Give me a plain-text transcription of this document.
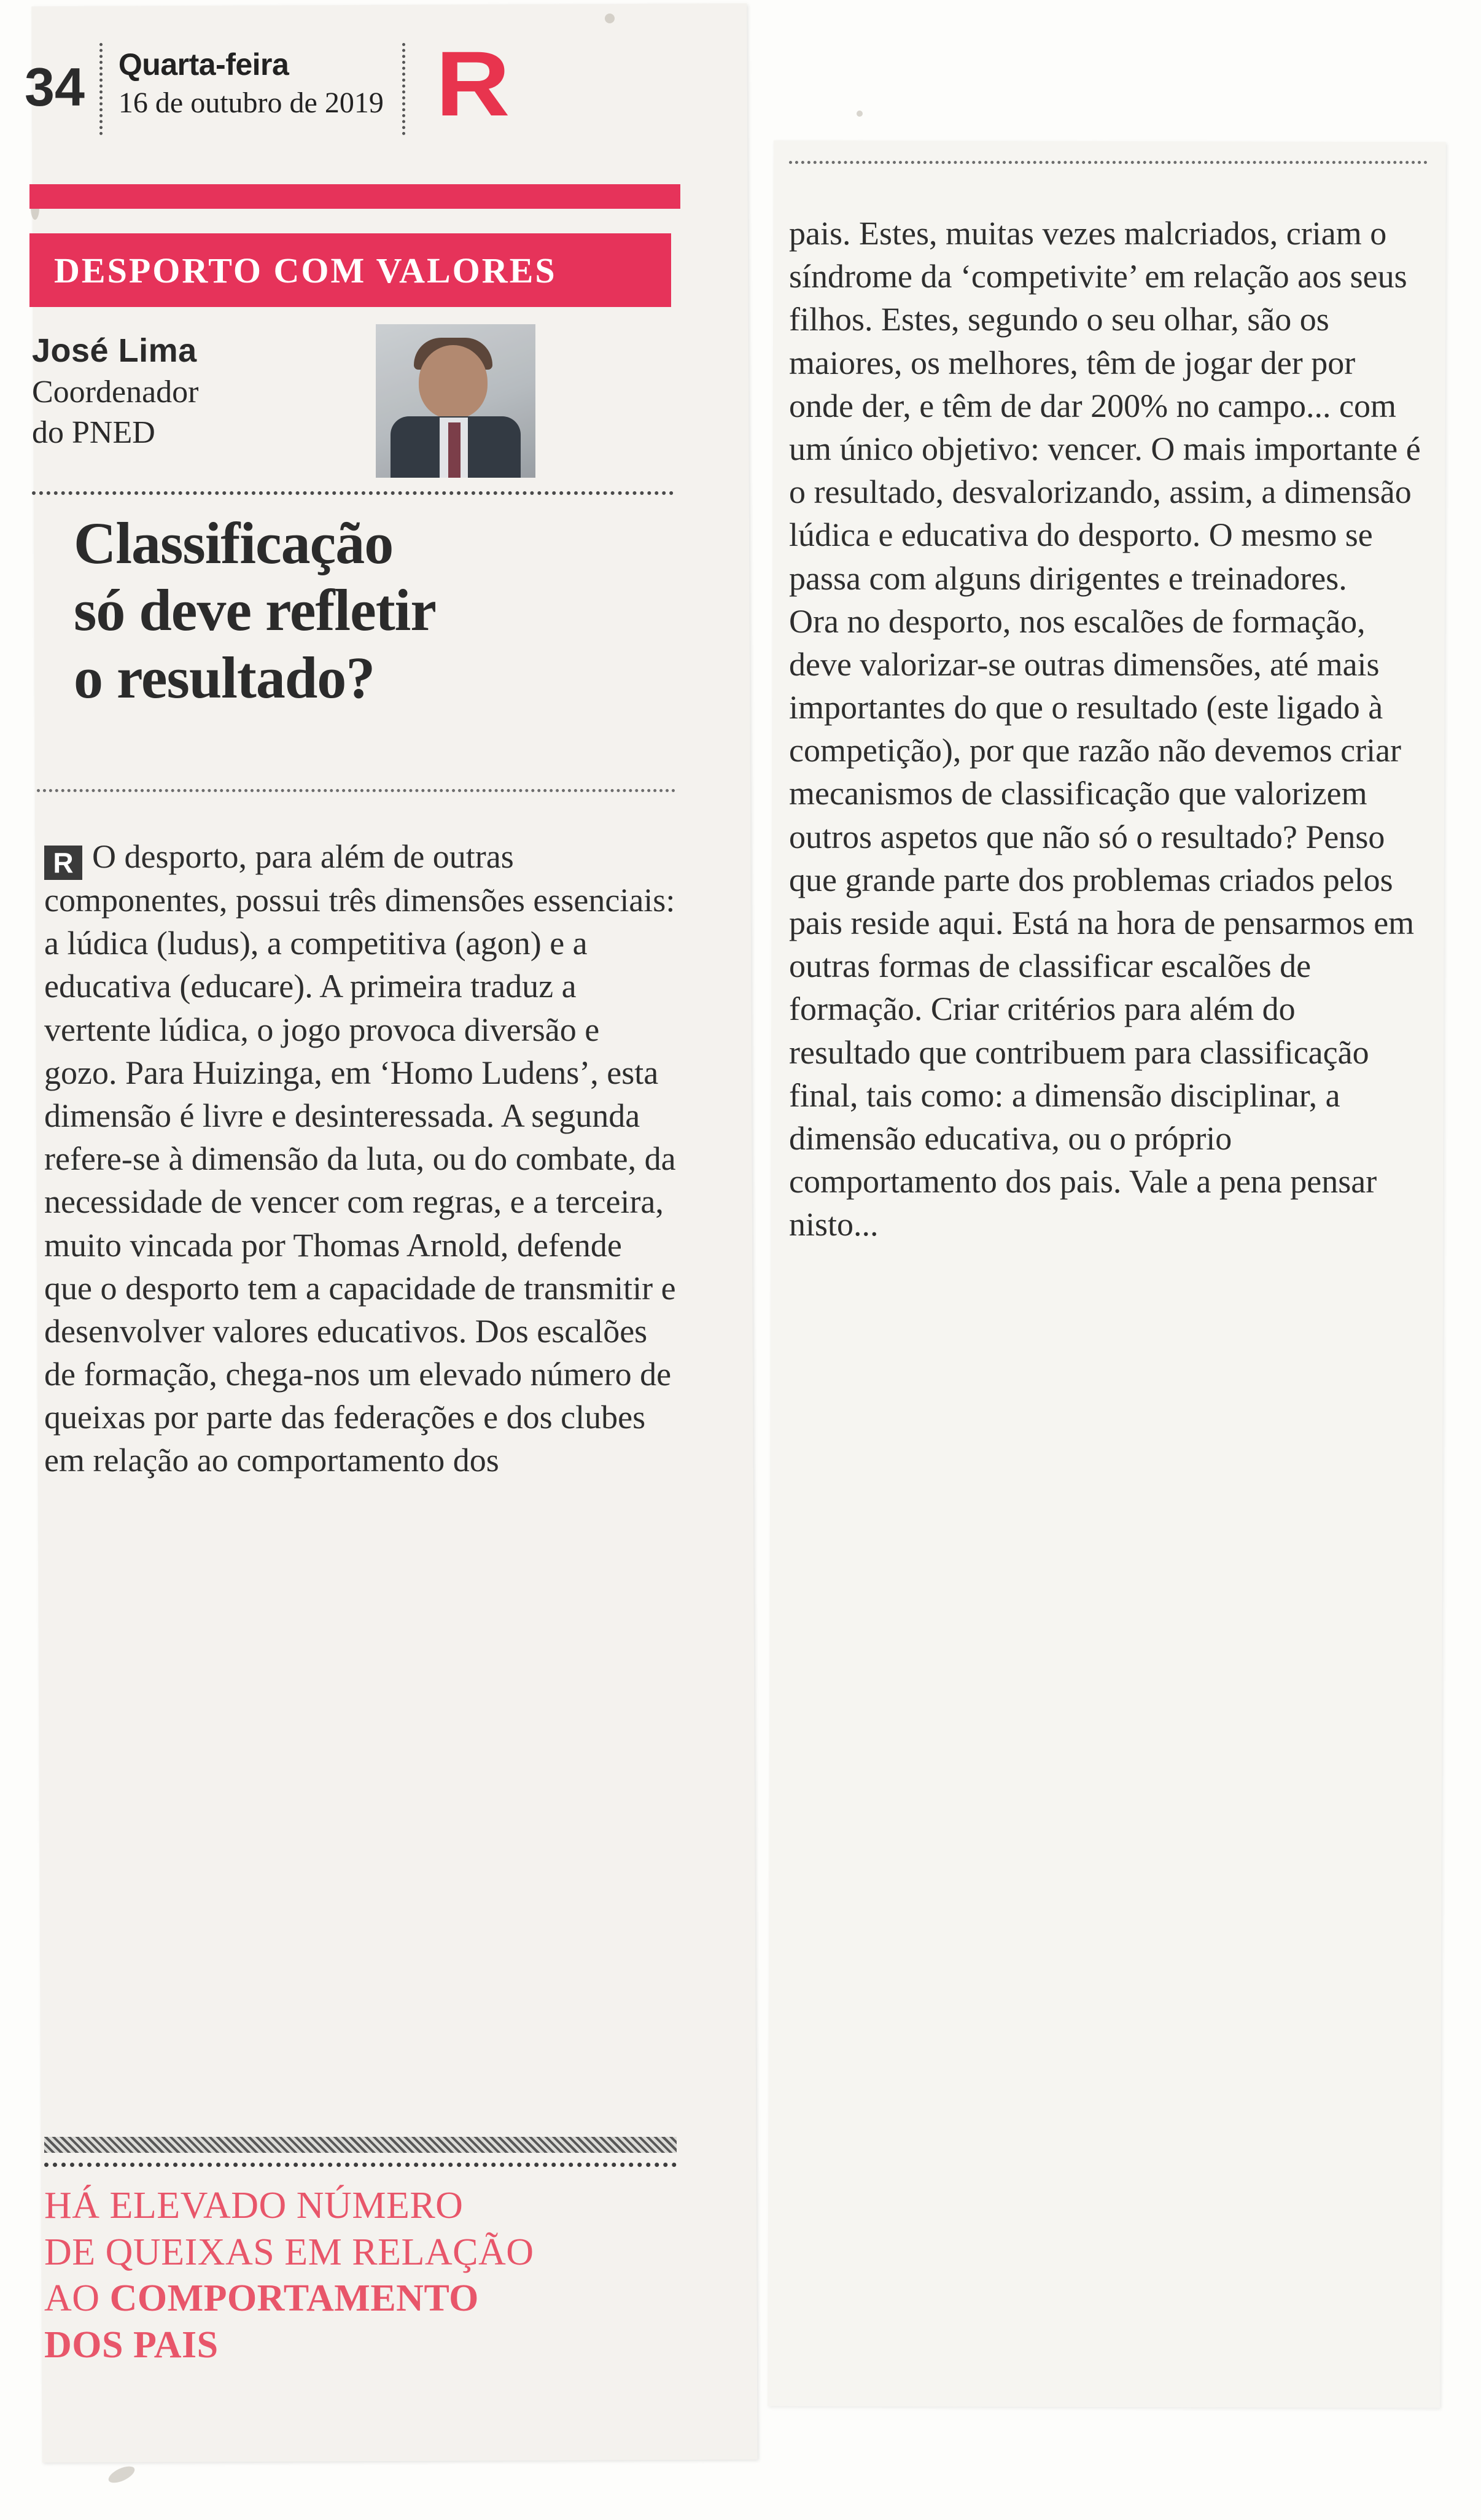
34	Quarta-feira
16 de outubro de 2019 R
DESPORTO COM VALORES
José Lima
Coordenador
do PNED
Classificação
só deve refletir
o resultado?

R O desporto, para além de outras componentes, possui três dimensões essenciais: a lúdica (ludus), a competitiva (agon) e a educativa (educare). A primeira traduz a vertente lúdica, o jogo provoca diversão e gozo. Para Huizinga, em ‘Homo Ludens’, esta dimensão é livre e desinteressada. A segunda refere-se à dimensão da luta, ou do combate, da necessidade de vencer com regras, e a terceira, muito vincada por Thomas Arnold, defende que o desporto tem a capacidade de transmitir e desenvolver valores educativos. Dos escalões de formação, chega-nos um elevado número de queixas por parte das federações e dos clubes em relação ao comportamento dos

pais. Estes, muitas vezes malcriados, criam o síndrome da ‘competivite’ em relação aos seus filhos. Estes, segundo o seu olhar, são os maiores, os melhores, têm de jogar der por onde der, e têm de dar 200% no campo... com um único objetivo: vencer. O mais importante é o resultado, desvalorizando, assim, a dimensão lúdica e educativa do desporto. O mesmo se passa com alguns dirigentes e treinadores.

Ora no desporto, nos escalões de formação, deve valorizar-se outras dimensões, até mais importantes do que o resultado (este ligado à competição), por que razão não devemos criar mecanismos de classificação que valorizem outros aspetos que não só o resultado? Penso que grande parte dos problemas criados pelos pais reside aqui. Está na hora de pensarmos em outras formas de classificar escalões de formação. Criar critérios para além do resultado que contribuem para classificação final, tais como: a dimensão disciplinar, a dimensão educativa, ou o próprio comportamento dos pais. Vale a pena pensar nisto...

HÁ ELEVADO NÚMERO
DE QUEIXAS EM RELAÇÃO
AO COMPORTAMENTO
DOS PAIS
